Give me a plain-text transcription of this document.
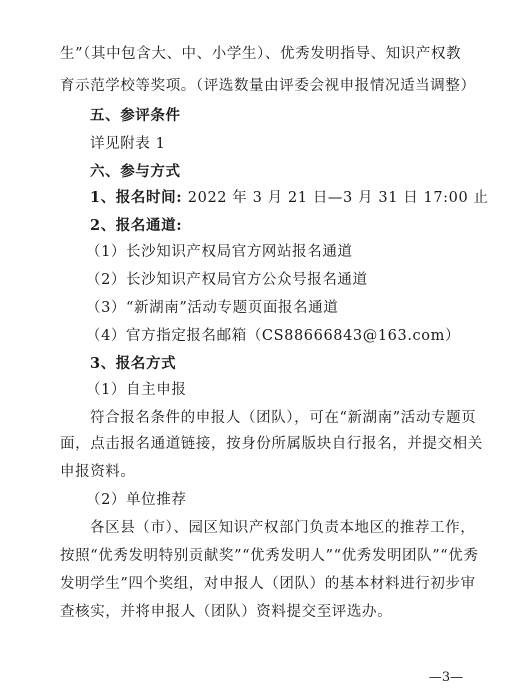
生”（其中包含大、中、小学生）、优秀发明指导、知识产权教

育示范学校等奖项。（评选数量由评委会视申报情况适当调整）

五、参评条件

详见附表 1

六、参与方式

1、报名时间: 2022 年 3 月 21 日—3 月 31 日 17:00 止

2、报名通道:

（1）长沙知识产权局官方网站报名通道

（2）长沙知识产权局官方公众号报名通道

（3）“新湖南”活动专题页面报名通道

（4）官方指定报名邮箱（CS88666843@163.com）

3、报名方式

（1）自主申报

符合报名条件的申报人（团队），可在“新湖南”活动专题页

面，点击报名通道链接，按身份所属版块自行报名，并提交相关

申报资料。

（2）单位推荐

各区县（市）、园区知识产权部门负责本地区的推荐工作，

按照“优秀发明特别贡献奖”“优秀发明人”“优秀发明团队”“优秀

发明学生”四个奖组，对申报人（团队）的基本材料进行初步审

查核实，并将申报人（团队）资料提交至评选办。

—3—
